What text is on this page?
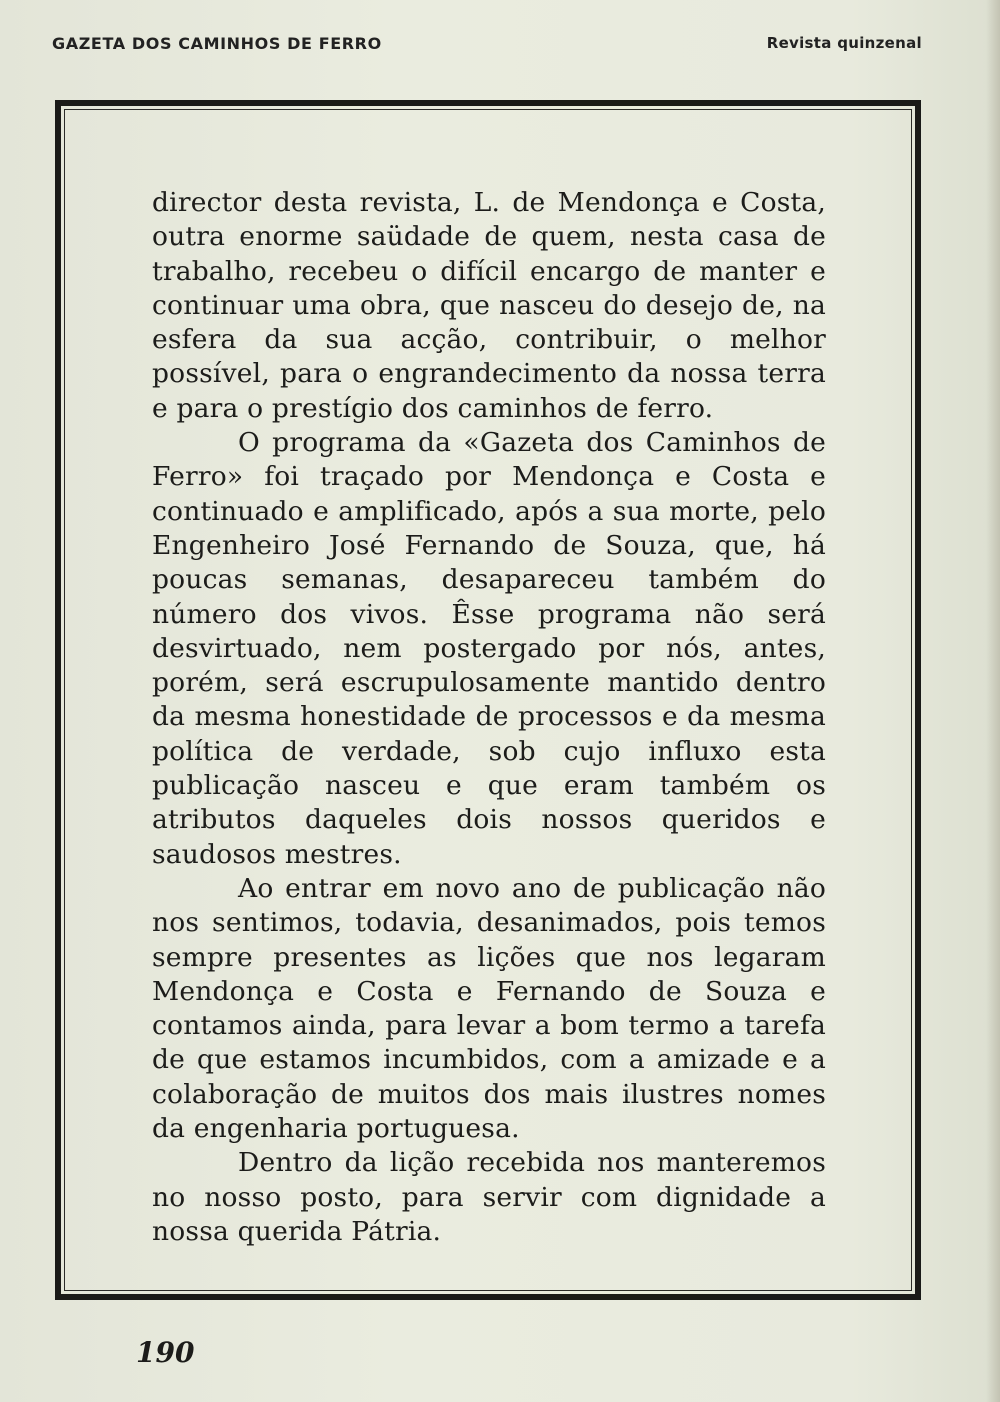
GAZETA DOS CAMINHOS DE FERRO	Revista quinzenal

director desta revista, L. de Mendonça e Costa, outra enorme saüdade de quem, nesta casa de trabalho, recebeu o difícil encargo de manter e continuar uma obra, que nasceu do desejo de, na esfera da sua acção, contribuir, o melhor possível, para o engrandecimento da nossa terra e para o prestígio dos caminhos de ferro.

O programa da «Gazeta dos Caminhos de Ferro» foi traçado por Mendonça e Costa e continuado e amplificado, após a sua morte, pelo Engenheiro José Fernando de Souza, que, há poucas semanas, desapareceu também do número dos vivos. Êsse programa não será desvirtuado, nem postergado por nós, antes, porém, será escrupulosamente mantido dentro da mesma honestidade de processos e da mesma política de verdade, sob cujo influxo esta publicação nasceu e que eram também os atributos daqueles dois nossos queridos e saudosos mestres.

Ao entrar em novo ano de publicação não nos sentimos, todavia, desanimados, pois temos sempre presentes as lições que nos legaram Mendonça e Costa e Fernando de Souza e contamos ainda, para levar a bom termo a tarefa de que estamos incumbidos, com a amizade e a colaboração de muitos dos mais ilustres nomes da engenharia portuguesa.

Dentro da lição recebida nos manteremos no nosso posto, para servir com dignidade a nossa querida Pátria.

190
